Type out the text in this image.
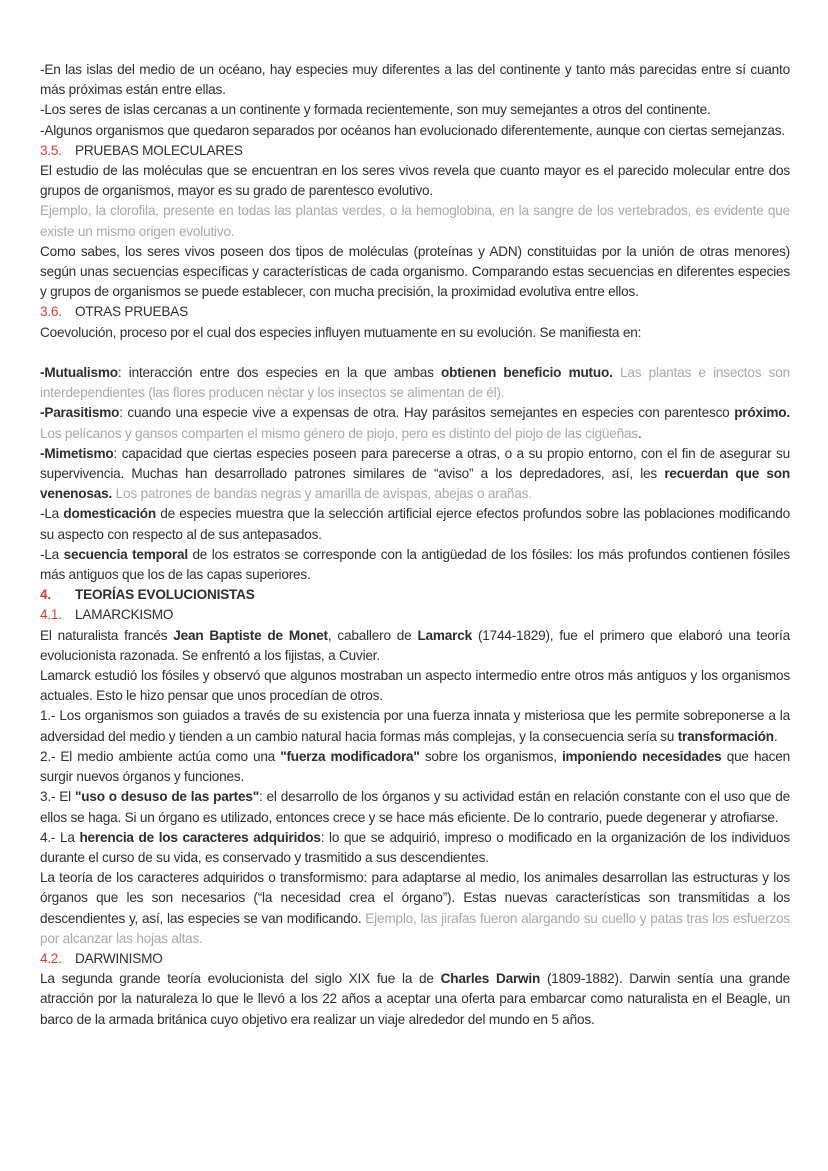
-En las islas del medio de un océano, hay especies muy diferentes a las del continente y tanto más parecidas entre sí cuanto más próximas están entre ellas.

-Los seres de islas cercanas a un continente y formada recientemente, son muy semejantes a otros del continente.

-Algunos organismos que quedaron separados por océanos han evolucionado diferentemente, aunque con ciertas semejanzas.

3.5. PRUEBAS MOLECULARES

El estudio de las moléculas que se encuentran en los seres vivos revela que cuanto mayor es el parecido molecular entre dos grupos de organismos, mayor es su grado de parentesco evolutivo.

Ejemplo, la clorofila, presente en todas las plantas verdes, o la hemoglobina, en la sangre de los vertebrados, es evidente que existe un mismo origen evolutivo.

Como sabes, los seres vivos poseen dos tipos de moléculas (proteínas y ADN) constituidas por la unión de otras menores) según unas secuencias específicas y características de cada organismo. Comparando estas secuencias en diferentes especies y grupos de organismos se puede establecer, con mucha precisión, la proximidad evolutiva entre ellos.

3.6. OTRAS PRUEBAS

Coevolución, proceso por el cual dos especies influyen mutuamente en su evolución. Se manifiesta en:

-Mutualismo: interacción entre dos especies en la que ambas obtienen beneficio mutuo. Las plantas e insectos son interdependientes (las flores producen néctar y los insectos se alimentan de él).

-Parasitismo: cuando una especie vive a expensas de otra. Hay parásitos semejantes en especies con parentesco próximo. Los pelícanos y gansos comparten el mismo género de piojo, pero es distinto del piojo de las cigüeñas.

-Mimetismo: capacidad que ciertas especies poseen para parecerse a otras, o a su propio entorno, con el fin de asegurar su supervivencia. Muchas han desarrollado patrones similares de “aviso” a los depredadores, así, les recuerdan que son venenosas. Los patrones de bandas negras y amarilla de avispas, abejas o arañas.

-La domesticación de especies muestra que la selección artificial ejerce efectos profundos sobre las poblaciones modificando su aspecto con respecto al de sus antepasados.

-La secuencia temporal de los estratos se corresponde con la antigüedad de los fósiles: los más profundos contienen fósiles más antiguos que los de las capas superiores.

4. TEORÍAS EVOLUCIONISTAS

4.1. LAMARCKISMO

El naturalista francés Jean Baptiste de Monet, caballero de Lamarck (1744-1829), fue el primero que elaboró una teoría evolucionista razonada. Se enfrentó a los fijistas, a Cuvier.

Lamarck estudió los fósiles y observó que algunos mostraban un aspecto intermedio entre otros más antiguos y los organismos actuales. Esto le hizo pensar que unos procedían de otros.

1.- Los organismos son guiados a través de su existencia por una fuerza innata y misteriosa que les permite sobreponerse a la adversidad del medio y tienden a un cambio natural hacia formas más complejas, y la consecuencia sería su transformación.

2.- El medio ambiente actúa como una "fuerza modificadora" sobre los organismos, imponiendo necesidades que hacen surgir nuevos órganos y funciones.

3.- El "uso o desuso de las partes": el desarrollo de los órganos y su actividad están en relación constante con el uso que de ellos se haga. Si un órgano es utilizado, entonces crece y se hace más eficiente. De lo contrario, puede degenerar y atrofiarse.

4.- La herencia de los caracteres adquiridos: lo que se adquirió, impreso o modificado en la organización de los individuos durante el curso de su vida, es conservado y trasmitido a sus descendientes.

La teoría de los caracteres adquiridos o transformismo: para adaptarse al medio, los animales desarrollan las estructuras y los órganos que les son necesarios (“la necesidad crea el órgano”). Estas nuevas características son transmitidas a los descendientes y, así, las especies se van modificando. Ejemplo, las jirafas fueron alargando su cuello y patas tras los esfuerzos por alcanzar las hojas altas.

4.2. DARWINISMO

La segunda grande teoría evolucionista del siglo XIX fue la de Charles Darwin (1809-1882). Darwin sentía una grande atracción por la naturaleza lo que le llevó a los 22 años a aceptar una oferta para embarcar como naturalista en el Beagle, un barco de la armada británica cuyo objetivo era realizar un viaje alrededor del mundo en 5 años.
